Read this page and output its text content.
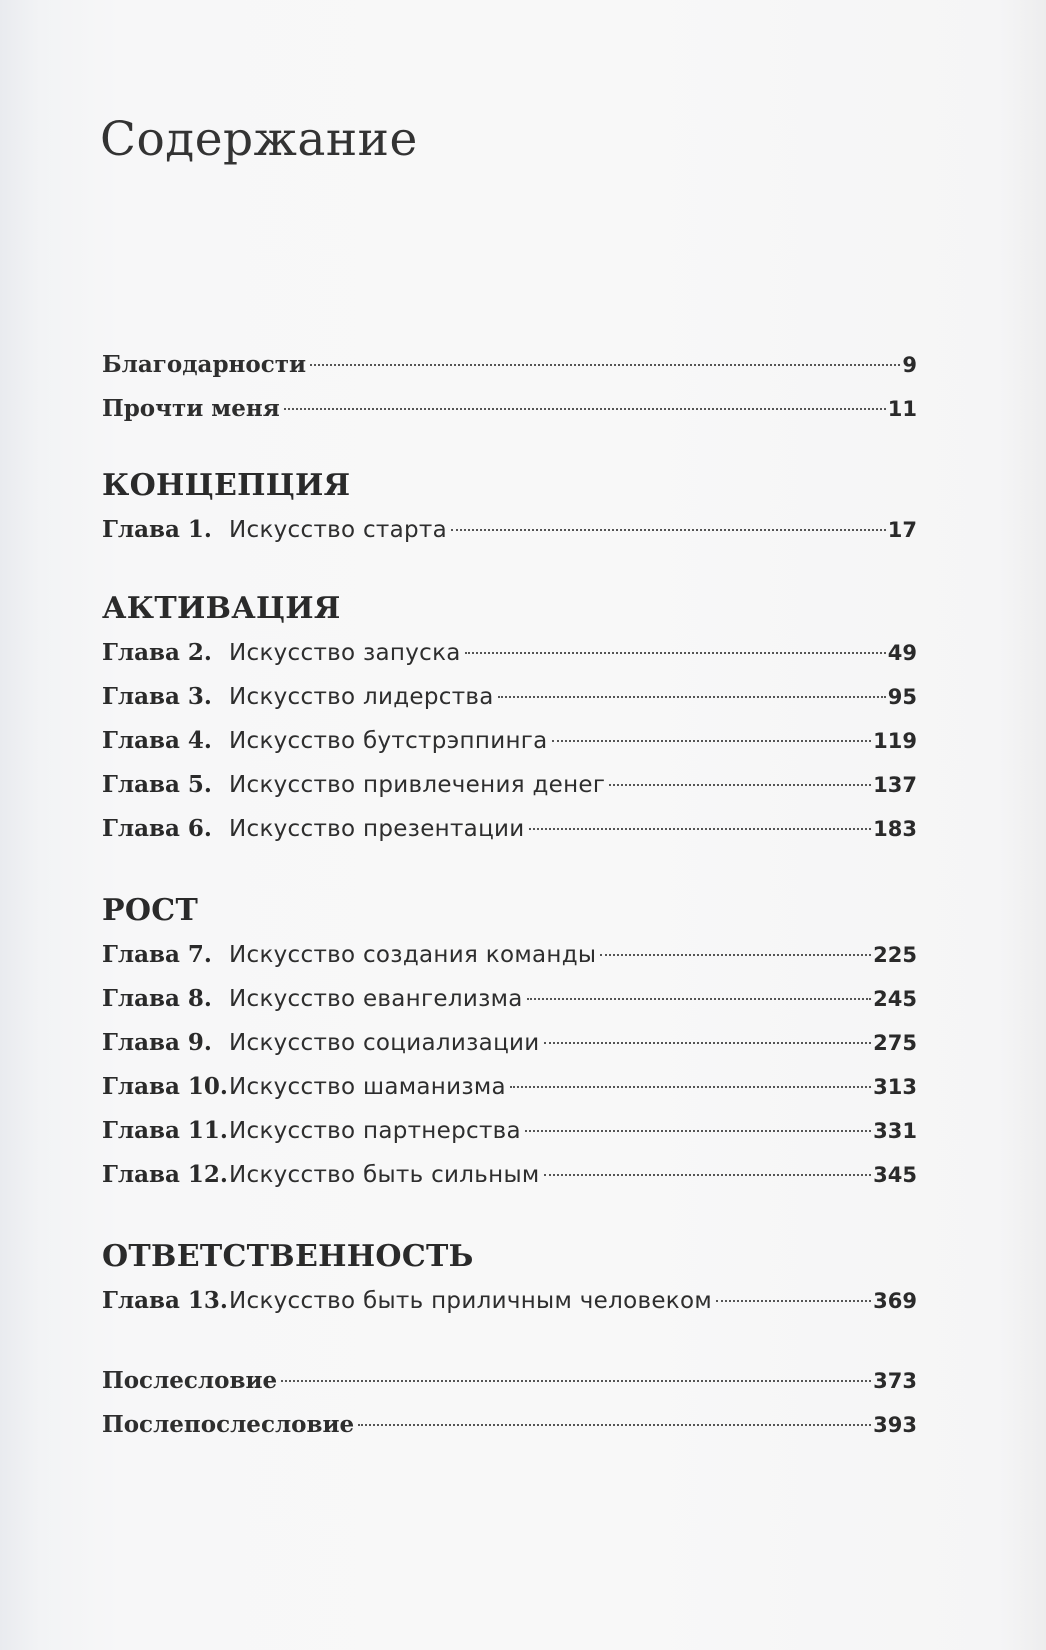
Содержание
Благодарности	9
Прочти меня	11
КОНЦЕПЦИЯ
Глава 1. Искусство старта	17
АКТИВАЦИЯ
Глава 2. Искусство запуска	49
Глава 3. Искусство лидерства	95
Глава 4. Искусство бутстрэппинга	119
Глава 5. Искусство привлечения денег	137
Глава 6. Искусство презентации	183
РОСТ
Глава 7. Искусство создания команды	225
Глава 8. Искусство евангелизма	245
Глава 9. Искусство социализации	275
Глава 10. Искусство шаманизма	313
Глава 11. Искусство партнерства	331
Глава 12. Искусство быть сильным	345
ОТВЕТСТВЕННОСТЬ
Глава 13. Искусство быть приличным человеком	369
Послесловие	373
Послепослесловие	393
